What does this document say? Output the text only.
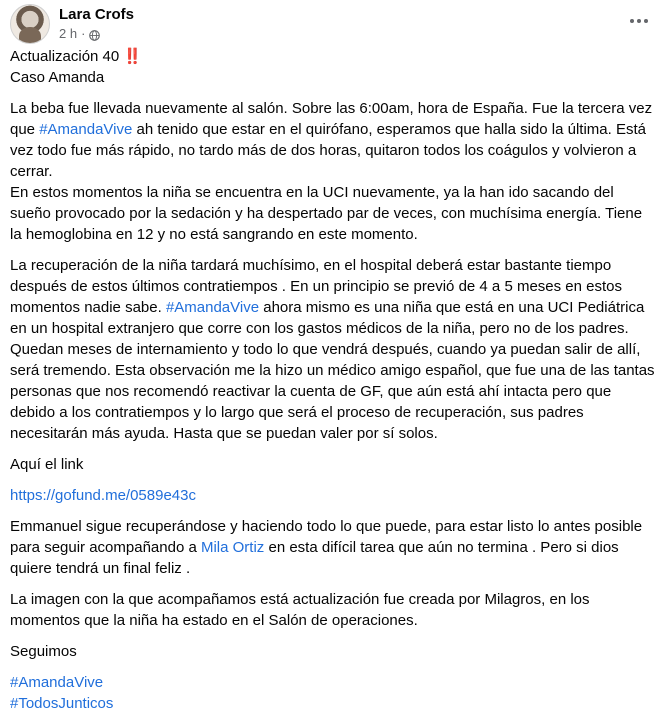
Lara Crofs
2 h ·

Actualización 40 ‼️
Caso Amanda

La beba fue llevada nuevamente al salón. Sobre las 6:00am, hora de España. Fue la tercera vez que #AmandaVive ah tenido que estar en el quirófano, esperamos que halla sido la última. Está vez todo fue más rápido, no tardo más de dos horas, quitaron todos los coágulos y volvieron a cerrar.
En estos momentos la niña se encuentra en la UCI nuevamente, ya la han ido sacando del sueño provocado por la sedación y ha despertado par de veces, con muchísima energía. Tiene la hemoglobina en 12 y no está sangrando en este momento.

La recuperación de la niña tardará muchísimo, en el hospital deberá estar bastante tiempo después de estos últimos contratiempos . En un principio se previó de 4 a 5 meses en estos momentos nadie sabe. #AmandaVive ahora mismo es una niña que está en una UCI Pediátrica en un hospital extranjero que corre con los gastos médicos de la niña, pero no de los padres. Quedan meses de internamiento y todo lo que vendrá después, cuando ya puedan salir de allí, será tremendo. Esta observación me la hizo un médico amigo español, que fue una de las tantas personas que nos recomendó reactivar la cuenta de GF, que aún está ahí intacta pero que debido a los contratiempos y lo largo que será el proceso de recuperación, sus padres necesitarán más ayuda. Hasta que se puedan valer por sí solos.

Aquí el link

https://gofund.me/0589e43c

Emmanuel sigue recuperándose y haciendo todo lo que puede, para estar listo lo antes posible para seguir acompañando a Mila Ortiz en esta difícil tarea que aún no termina . Pero si dios quiere tendrá un final feliz .

La imagen con la que acompañamos está actualización fue creada por Milagros, en los momentos que la niña ha estado en el Salón de operaciones.

Seguimos

#AmandaVive
#TodosJunticos
